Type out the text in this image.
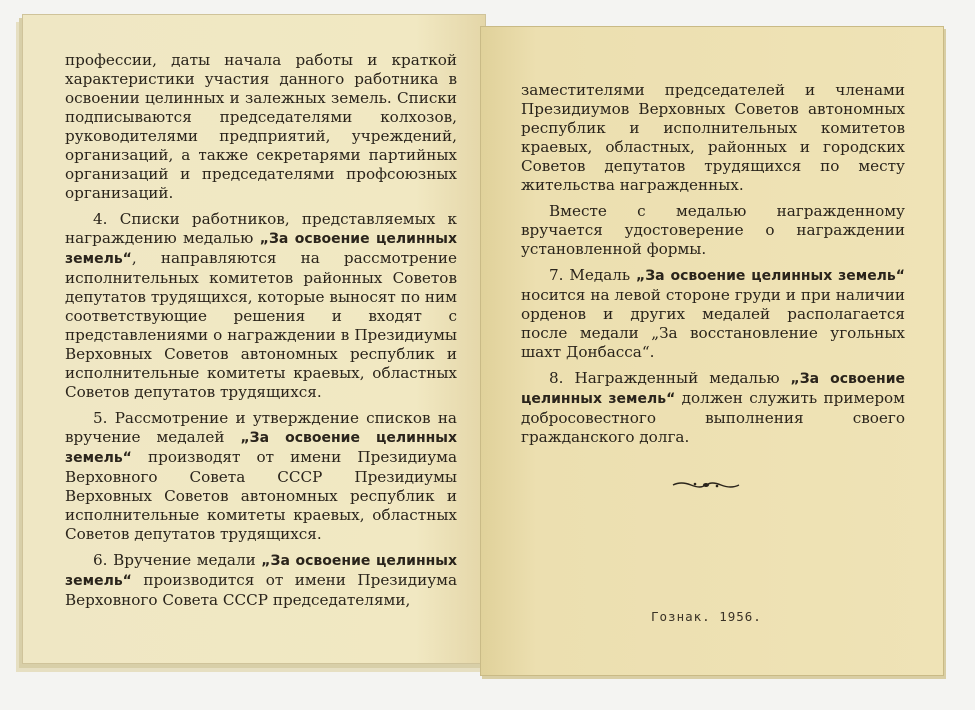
профессии, даты начала работы и краткой характеристики участия данного работника в освоении целинных и залежных земель. Списки подписываются председателями колхозов, руководителями предприятий, учреждений, организаций, а также секретарями партийных организаций и председателями профсоюзных организаций.

4. Списки работников, представляемых к награждению медалью „За освоение целинных земель“, направляются на рассмотрение исполнительных комитетов районных Советов депутатов трудящихся, которые выносят по ним соответствующие решения и входят с представлениями о награждении в Президиумы Верховных Советов автономных республик и исполнительные комитеты краевых, областных Советов депутатов трудящихся.

5. Рассмотрение и утверждение списков на вручение медалей „За освоение целинных земель“ производят от имени Президиума Верховного Совета СССР Президиумы Верховных Советов автономных республик и исполнительные комитеты краевых, областных Советов депутатов трудящихся.

6. Вручение медали „За освоение целинных земель“ производится от имени Президиума Верховного Совета СССР председателями,

заместителями председателей и членами Президиумов Верховных Советов автономных республик и исполнительных комитетов краевых, областных, районных и городских Советов депутатов трудящихся по месту жительства награжденных.

Вместе с медалью награжденному вручается удостоверение о награждении установленной формы.

7. Медаль „За освоение целинных земель“ носится на левой стороне груди и при наличии орденов и других медалей располагается после медали „За восстановление угольных шахт Донбасса“.

8. Награжденный медалью „За освоение целинных земель“ должен служить примером добросовестного выполнения своего гражданского долга.

Гознак. 1956.
